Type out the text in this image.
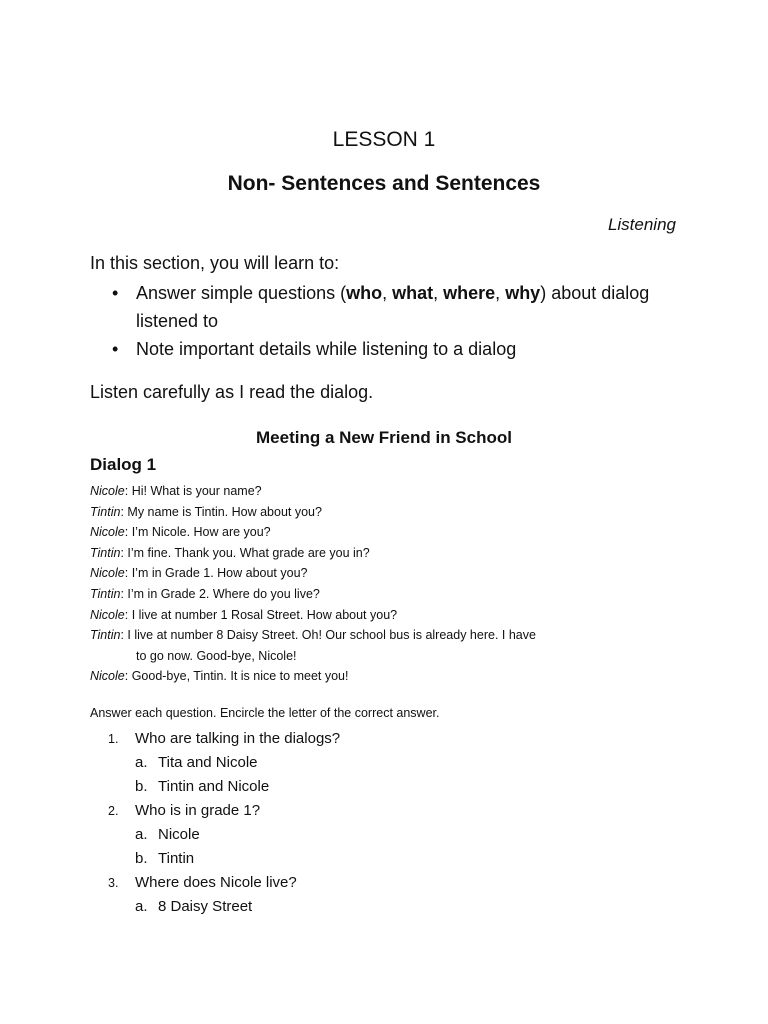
LESSON 1
Non- Sentences and Sentences
Listening
In this section, you will learn to:
• Answer simple questions (who, what, where, why) about dialog
listened to
• Note important details while listening to a dialog
Listen carefully as I read the dialog.
Meeting a New Friend in School
Dialog 1
Nicole: Hi! What is your name?
Tintin: My name is Tintin. How about you?
Nicole: I’m Nicole. How are you?
Tintin: I’m fine. Thank you. What grade are you in?
Nicole: I’m in Grade 1. How about you?
Tintin: I’m in Grade 2. Where do you live?
Nicole: I live at number 1 Rosal Street. How about you?
Tintin: I live at number 8 Daisy Street. Oh! Our school bus is already here. I have
to go now. Good-bye, Nicole!
Nicole: Good-bye, Tintin. It is nice to meet you!
Answer each question. Encircle the letter of the correct answer.
1. Who are talking in the dialogs?
a. Tita and Nicole
b. Tintin and Nicole
2. Who is in grade 1?
a. Nicole
b. Tintin
3. Where does Nicole live?
a. 8 Daisy Street
